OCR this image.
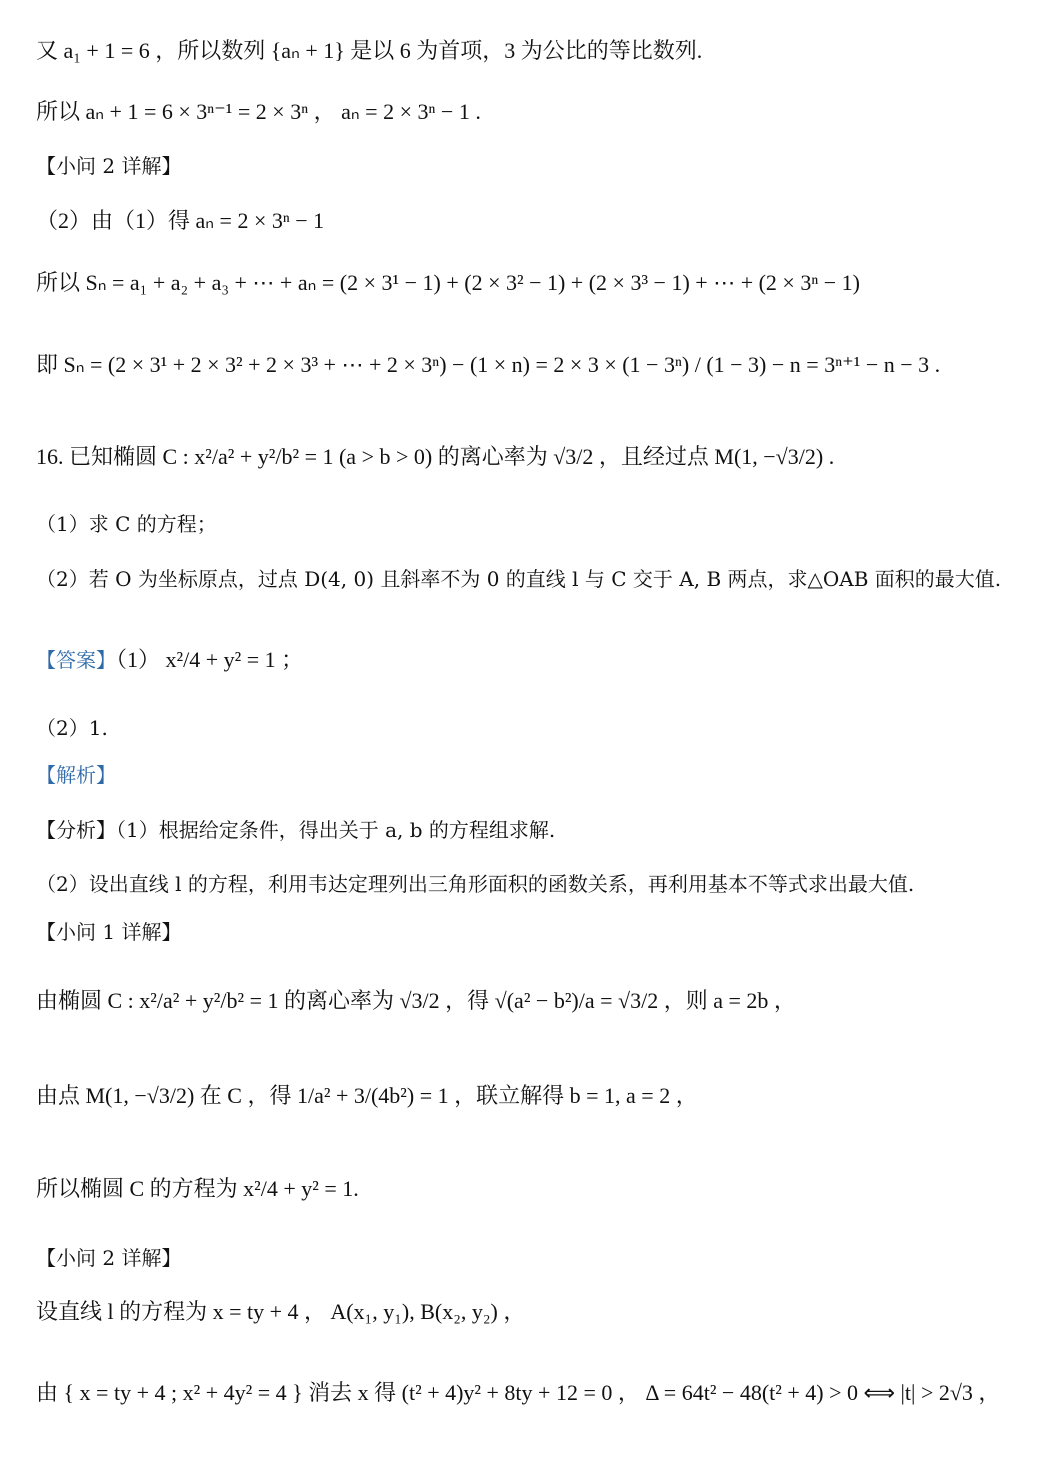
又 a₁ + 1 = 6 ，所以数列 {aₙ + 1} 是以 6 为首项，3 为公比的等比数列.
所以 aₙ + 1 = 6 × 3ⁿ⁻¹ = 2 × 3ⁿ ， aₙ = 2 × 3ⁿ − 1 .
【小问 2 详解】
（2）由（1）得 aₙ = 2 × 3ⁿ − 1
所以 Sₙ = a₁ + a₂ + a₃ + ⋯ + aₙ = (2 × 3¹ − 1) + (2 × 3² − 1) + (2 × 3³ − 1) + ⋯ + (2 × 3ⁿ − 1)
即 Sₙ = (2 × 3¹ + 2 × 3² + 2 × 3³ + ⋯ + 2 × 3ⁿ) − (1 × n) = 2 × 3 × (1 − 3ⁿ) / (1 − 3) − n = 3ⁿ⁺¹ − n − 3 .
16. 已知椭圆 C : x²/a² + y²/b² = 1 (a > b > 0) 的离心率为 √3/2 ，且经过点 M(1, −√3/2) .
（1）求 C 的方程；
（2）若 O 为坐标原点，过点 D(4, 0) 且斜率不为 0 的直线 l 与 C 交于 A, B 两点，求△OAB 面积的最大值.
【答案】（1） x²/4 + y² = 1 ；
（2）1.
【解析】
【分析】（1）根据给定条件，得出关于 a, b 的方程组求解.
（2）设出直线 l 的方程，利用韦达定理列出三角形面积的函数关系，再利用基本不等式求出最大值.
【小问 1 详解】
由椭圆 C : x²/a² + y²/b² = 1 的离心率为 √3/2 ，得 √(a² − b²)/a = √3/2 ，则 a = 2b ，
由点 M(1, −√3/2) 在 C ，得 1/a² + 3/(4b²) = 1 ，联立解得 b = 1, a = 2 ，
所以椭圆 C 的方程为 x²/4 + y² = 1.
【小问 2 详解】
设直线 l 的方程为 x = ty + 4 ， A(x₁, y₁), B(x₂, y₂) ，
由 { x = ty + 4 ; x² + 4y² = 4 } 消去 x 得 (t² + 4)y² + 8ty + 12 = 0 ， Δ = 64t² − 48(t² + 4) > 0 ⟺ |t| > 2√3 ，
